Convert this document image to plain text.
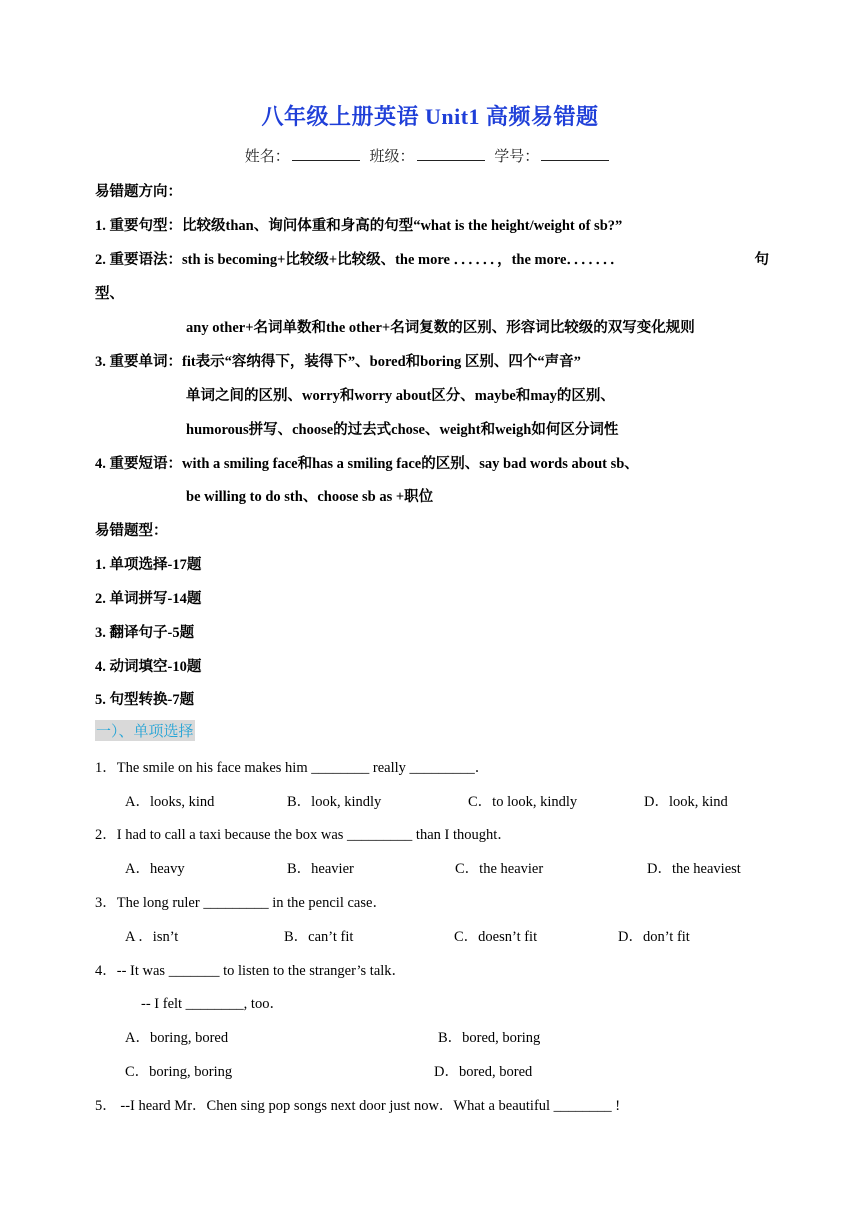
八年级上册英语 Unit1 高频易错题
姓名：	班级：	学号：
易错题方向：
1. 重要句型：比较级than、询问体重和身高的句型“what is the height/weight of sb?”
2. 重要语法：sth is becoming+比较级+比较级、the more ．．．．．．，the more．．．．．．．	句
型、
any other+名词单数和the other+名词复数的区别、形容词比较级的双写变化规则
3. 重要单词：fit表示“容纳得下，装得下”、bored和boring 区别、四个“声音”
单词之间的区别、worry和worry about区分、maybe和may的区别、
humorous拼写、choose的过去式chose、weight和weigh如何区分词性
4. 重要短语：with a smiling face和has a smiling face的区别、say bad words about sb、
be willing to do sth、choose sb as +职位
易错题型：
1. 单项选择-17题
2. 单词拼写-14题
3. 翻译句子-5题
4. 动词填空-10题
5. 句型转换-7题
一）、单项选择
1．The smile on his face makes him ________ really _________．
A．looks, kind	B．look, kindly	C．to look, kindly	D．look, kind
2．I had to call a taxi because the box was _________ than I thought．
A．heavy	B．heavier	C．the heavier	D．the heaviest
3．The long ruler _________ in the pencil case．
A ．isn’t	B．can’t fit	C．doesn’t fit	D．don’t fit
4．-- It was _______ to listen to the stranger’s talk．
-- I felt ________, too．
A．boring, bored	B．bored, boring
C．boring, boring	D．bored, bored
5． --I heard Mr．Chen sing pop songs next door just now．What a beautiful ________ !
